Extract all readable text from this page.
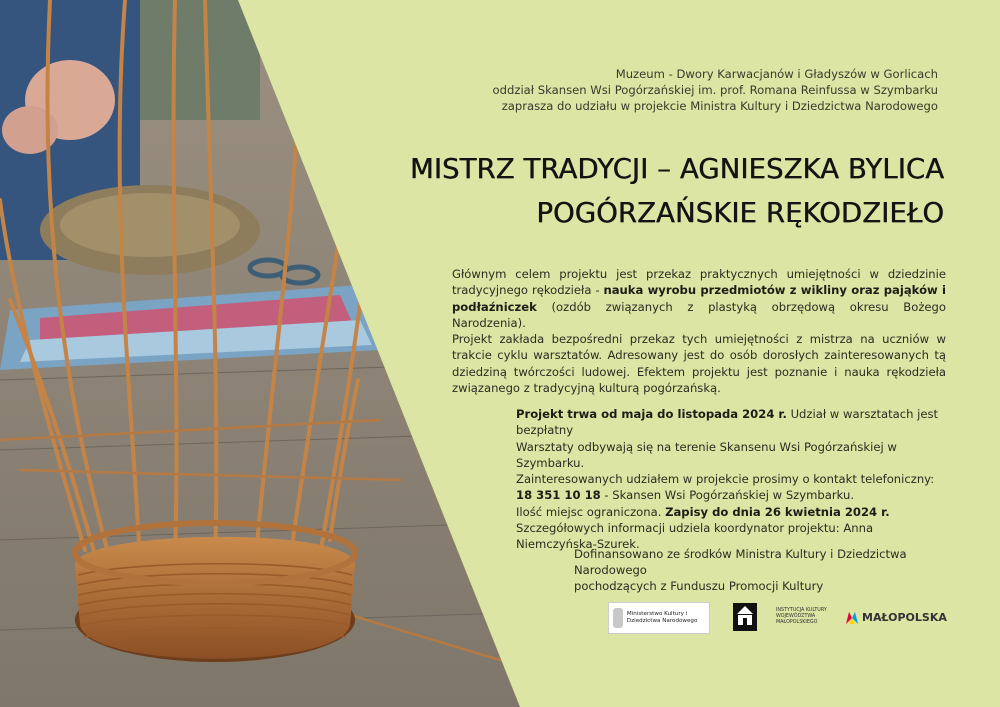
Muzeum - Dwory Karwacjanów i Gładyszów w Gorlicach
oddział Skansen Wsi Pogórzańskiej im. prof. Romana Reinfussa w Szymbarku
zaprasza do udziału w projekcie Ministra Kultury i Dziedzictwa Narodowego
MISTRZ TRADYCJI – AGNIESZKA BYLICA
POGÓRZAŃSKIE RĘKODZIEŁO

Głównym celem projektu jest przekaz praktycznych umiejętności w dziedzinie tradycyjnego rękodzieła - nauka wyrobu przedmiotów z wikliny oraz pająków i podłaźniczek (ozdób związanych z plastyką obrzędową okresu Bożego Narodzenia).

Projekt zakłada bezpośredni przekaz tych umiejętności z mistrza na uczniów w trakcie cyklu warsztatów. Adresowany jest do osób dorosłych zainteresowanych tą dziedziną twórczości ludowej. Efektem projektu jest poznanie i nauka rękodzieła związanego z tradycyjną kulturą pogórzańską.

Projekt trwa od maja do listopada 2024 r. Udział w warsztatach jest bezpłatny

Warsztaty odbywają się na terenie Skansenu Wsi Pogórzańskiej w Szymbarku.

Zainteresowanych udziałem w projekcie prosimy o kontakt telefoniczny:

18 351 10 18 - Skansen Wsi Pogórzańskiej w Szymbarku.

Ilość miejsc ograniczona. Zapisy do dnia 26 kwietnia 2024 r. Szczegółowych informacji udziela koordynator projektu: Anna Niemczyńska-Szurek.

Dofinansowano ze środków Ministra Kultury i Dziedzictwa Narodowego
pochodzących z Funduszu Promocji Kultury
Ministerstwo Kultury i Dziedzictwa Narodowego
INSTYTUCJA KULTURY WOJEWÓDZTWA MAŁOPOLSKIEGO	MAŁOPOLSKA
